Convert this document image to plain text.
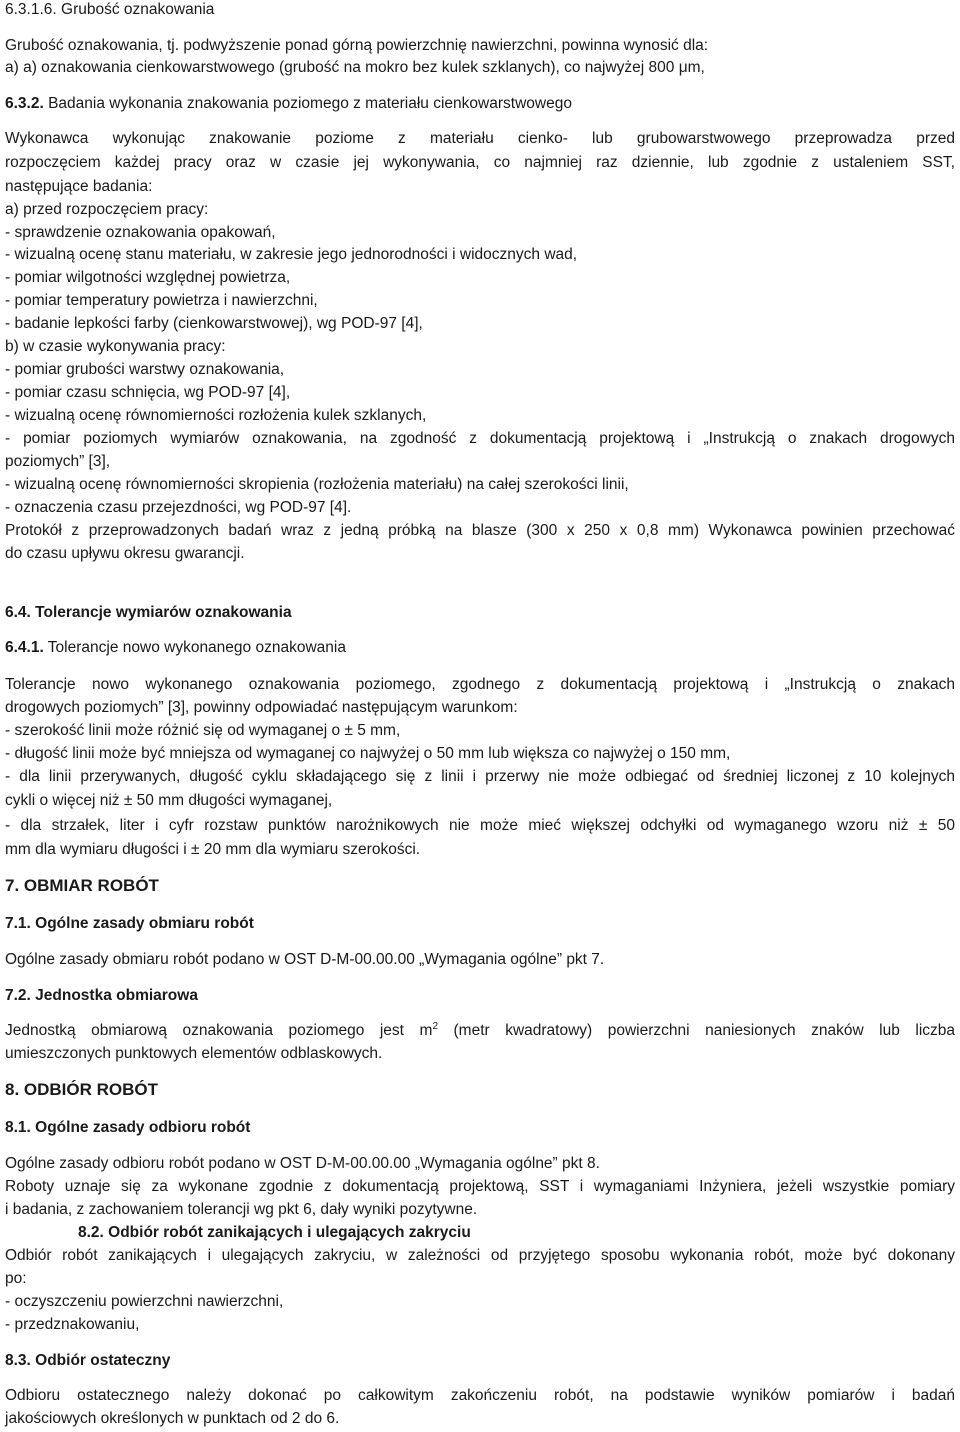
6.3.1.6. Grubość oznakowania
Grubość oznakowania, tj. podwyższenie ponad górną powierzchnię nawierzchni, powinna wynosić dla:
a) a) oznakowania cienkowarstwowego (grubość na mokro bez kulek szklanych), co najwyżej 800 μm,
6.3.2. Badania wykonania znakowania poziomego z materiału cienkowarstwowego
Wykonawca wykonując znakowanie poziome z materiału cienko- lub grubowarstwowego przeprowadza przed
rozpoczęciem każdej pracy oraz w czasie jej wykonywania, co najmniej raz dziennie, lub zgodnie z ustaleniem SST,
następujące badania:
a) przed rozpoczęciem pracy:
- sprawdzenie oznakowania opakowań,
- wizualną ocenę stanu materiału, w zakresie jego jednorodności i widocznych wad,
- pomiar wilgotności względnej powietrza,
- pomiar temperatury powietrza i nawierzchni,
- badanie lepkości farby (cienkowarstwowej), wg POD-97 [4],
b) w czasie wykonywania pracy:
- pomiar grubości warstwy oznakowania,
- pomiar czasu schnięcia, wg POD-97 [4],
- wizualną ocenę równomierności rozłożenia kulek szklanych,
- pomiar poziomych wymiarów oznakowania, na zgodność z dokumentacją projektową i „Instrukcją o znakach drogowych
poziomych” [3],
- wizualną ocenę równomierności skropienia (rozłożenia materiału) na całej szerokości linii,
- oznaczenia czasu przejezdności, wg POD-97 [4].
Protokół z przeprowadzonych badań wraz z jedną próbką na blasze (300 x 250 x 0,8 mm) Wykonawca powinien przechować
do czasu upływu okresu gwarancji.
6.4. Tolerancje wymiarów oznakowania
6.4.1. Tolerancje nowo wykonanego oznakowania
Tolerancje nowo wykonanego oznakowania poziomego, zgodnego z dokumentacją projektową i „Instrukcją o znakach
drogowych poziomych” [3], powinny odpowiadać następującym warunkom:
- szerokość linii może różnić się od wymaganej o ± 5 mm,
- długość linii może być mniejsza od wymaganej co najwyżej o 50 mm lub większa co najwyżej o 150 mm,
- dla linii przerywanych, długość cyklu składającego się z linii i przerwy nie może odbiegać od średniej liczonej z 10 kolejnych
cykli o więcej niż ± 50 mm długości wymaganej,
- dla strzałek, liter i cyfr rozstaw punktów narożnikowych nie może mieć większej odchyłki od wymaganego wzoru niż ± 50
mm dla wymiaru długości i ± 20 mm dla wymiaru szerokości.
7. OBMIAR ROBÓT
7.1. Ogólne zasady obmiaru robót
Ogólne zasady obmiaru robót podano w OST D-M-00.00.00 „Wymagania ogólne” pkt 7.
7.2. Jednostka obmiarowa
Jednostką obmiarową oznakowania poziomego jest $m^2$ (metr kwadratowy) powierzchni naniesionych znaków lub liczba
umieszczonych punktowych elementów odblaskowych.
8. ODBIÓR ROBÓT
8.1. Ogólne zasady odbioru robót
Ogólne zasady odbioru robót podano w OST D-M-00.00.00 „Wymagania ogólne” pkt 8.
Roboty uznaje się za wykonane zgodnie z dokumentacją projektową, SST i wymaganiami Inżyniera, jeżeli wszystkie pomiary
i badania, z zachowaniem tolerancji wg pkt 6, dały wyniki pozytywne.
8.2. Odbiór robót zanikających i ulegających zakryciu
Odbiór robót zanikających i ulegających zakryciu, w zależności od przyjętego sposobu wykonania robót, może być dokonany
po:
- oczyszczeniu powierzchni nawierzchni,
- przedznakowaniu,
8.3. Odbiór ostateczny
Odbioru ostatecznego należy dokonać po całkowitym zakończeniu robót, na podstawie wyników pomiarów i badań
jakościowych określonych w punktach od 2 do 6.
